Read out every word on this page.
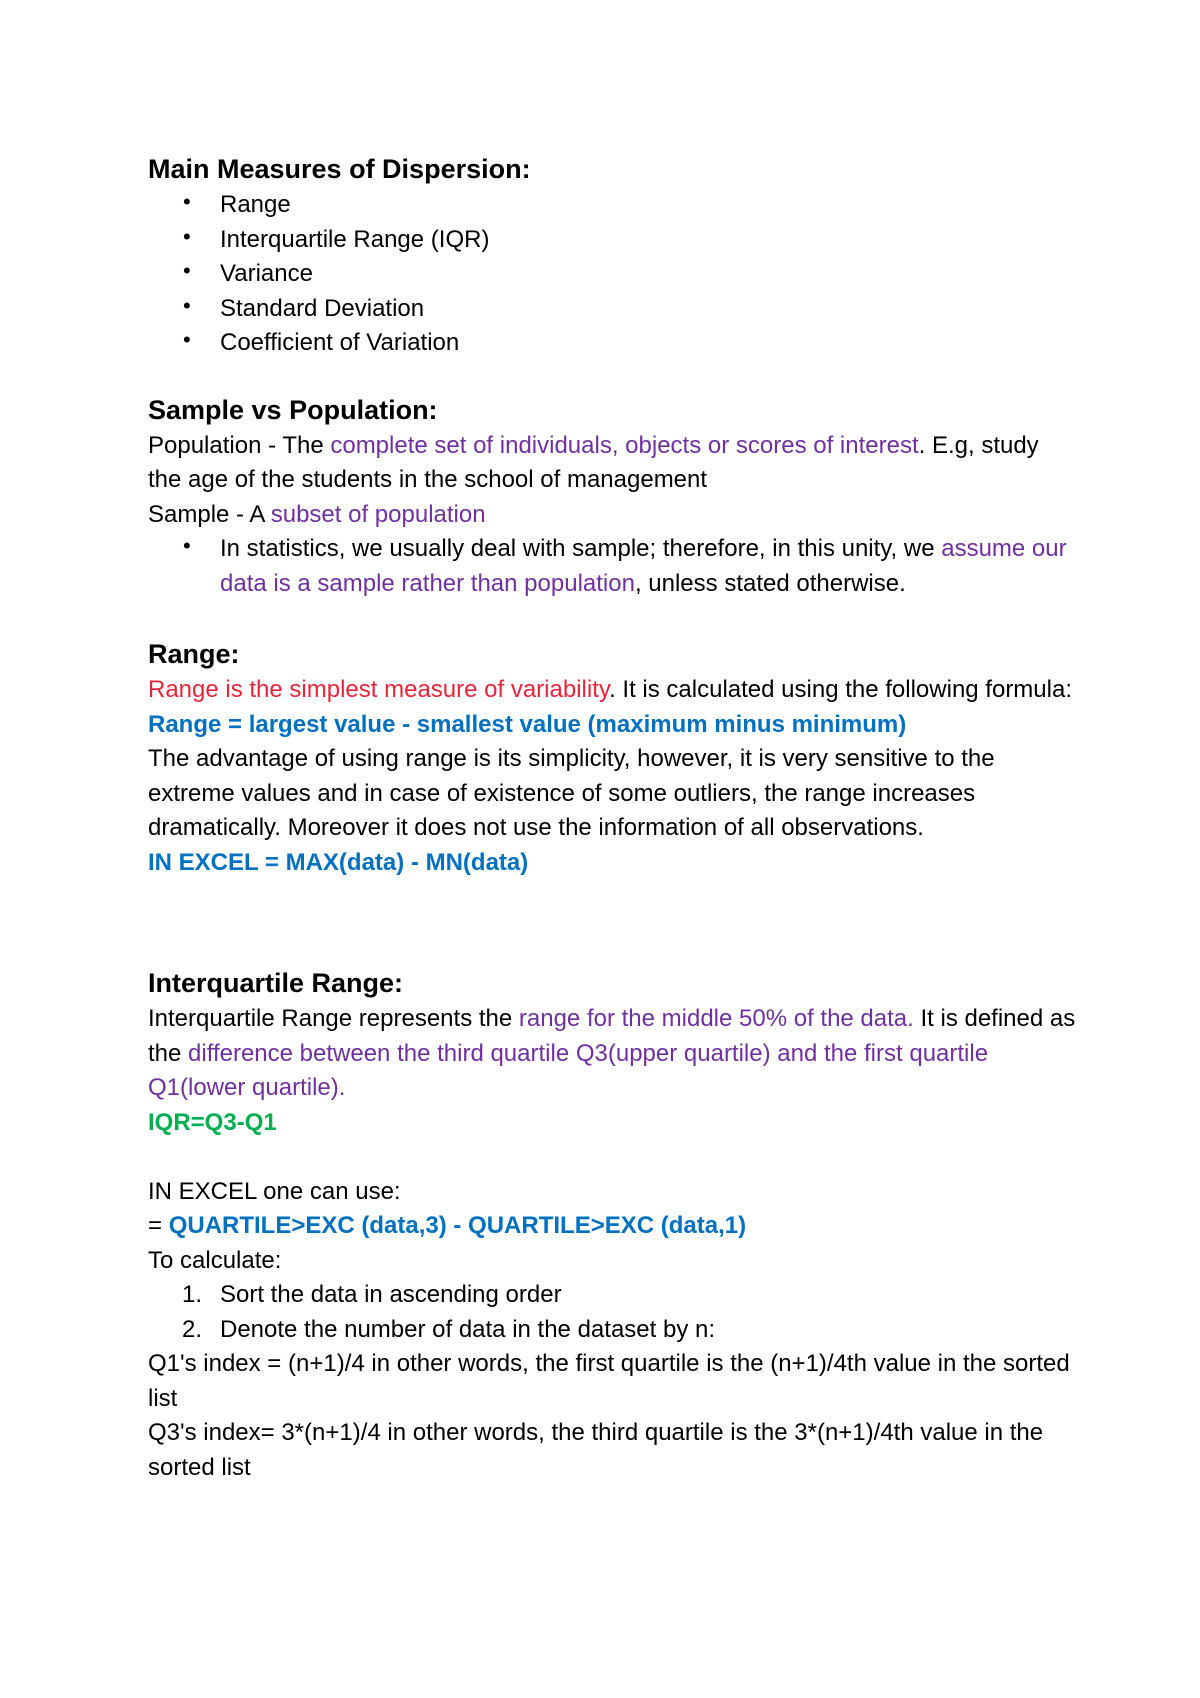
Main Measures of Dispersion:
• Range
• Interquartile Range (IQR)
• Variance
• Standard Deviation
• Coefficient of Variation
Sample vs Population:

Population - The complete set of individuals, objects or scores of interest. E.g, study the age of the students in the school of management

Sample - A subset of population

• In statistics, we usually deal with sample; therefore, in this unity, we assume our data is a sample rather than population, unless stated otherwise.
Range:

Range is the simplest measure of variability. It is calculated using the following formula:

Range = largest value - smallest value (maximum minus minimum)

The advantage of using range is its simplicity, however, it is very sensitive to the extreme values and in case of existence of some outliers, the range increases dramatically. Moreover it does not use the information of all observations.

IN EXCEL = MAX(data) - MN(data)

Interquartile Range:

Interquartile Range represents the range for the middle 50% of the data. It is defined as the difference between the third quartile Q3(upper quartile) and the first quartile Q1(lower quartile).

IQR=Q3-Q1

IN EXCEL one can use:

= QUARTILE>EXC (data,3) - QUARTILE>EXC (data,1)

To calculate:

1. Sort the data in ascending order
2. Denote the number of data in the dataset by n:

Q1's index = (n+1)/4 in other words, the first quartile is the (n+1)/4th value in the sorted list

Q3's index= 3*(n+1)/4 in other words, the third quartile is the 3*(n+1)/4th value in the sorted list
